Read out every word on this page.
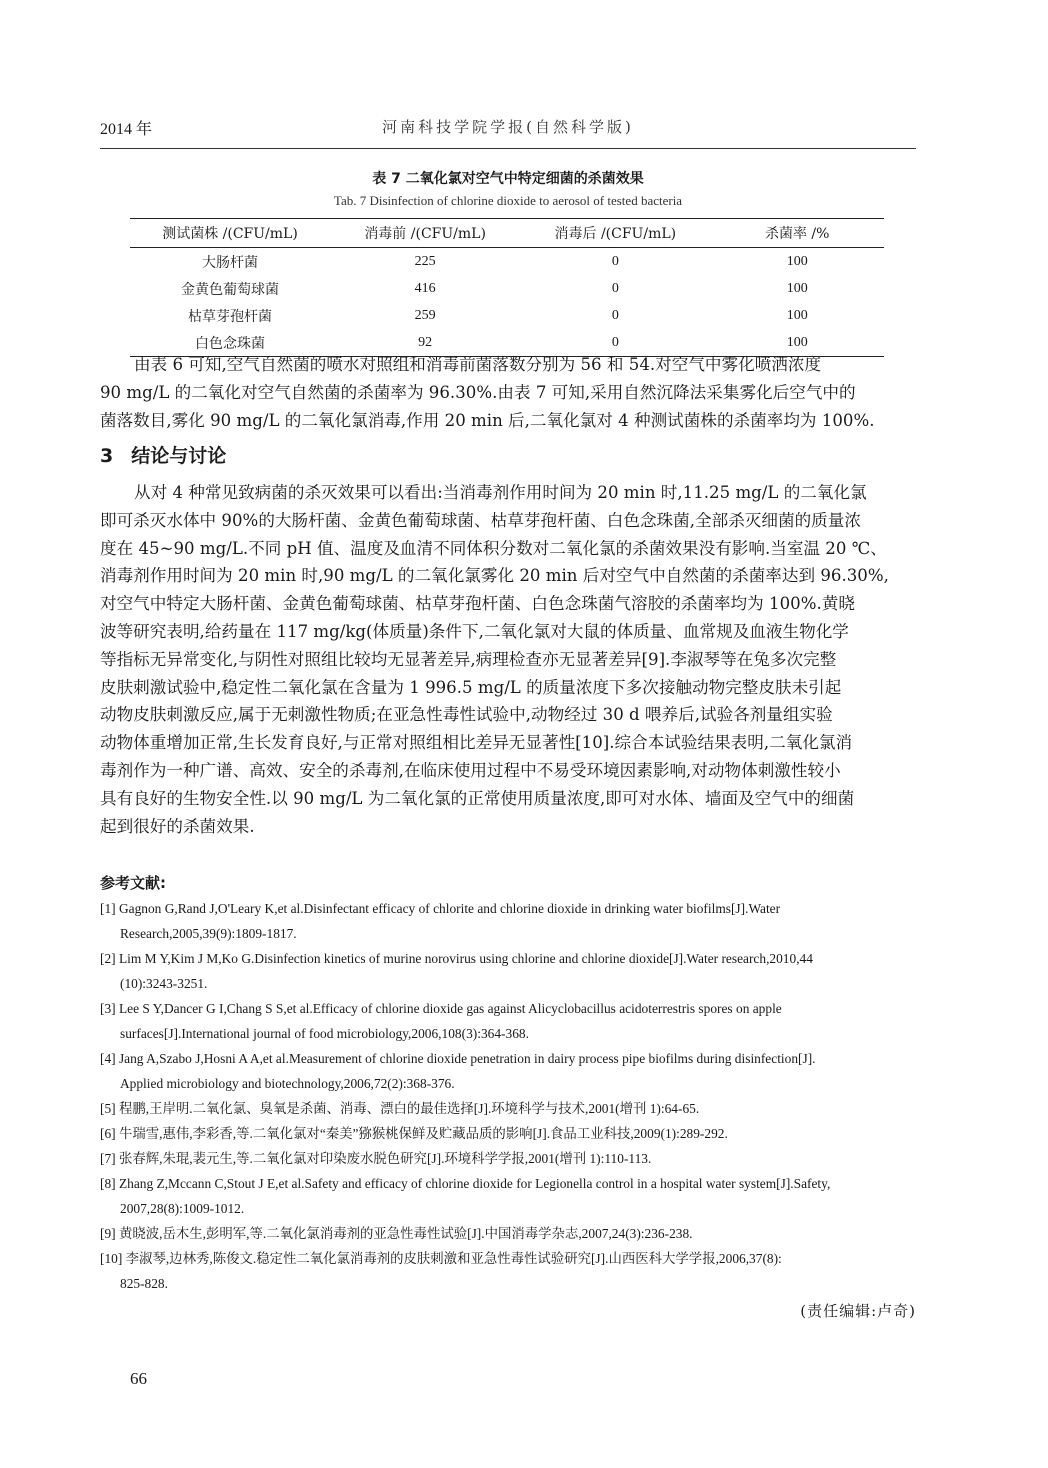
2014 年	河南科技学院学报(自然科学版)
表 7 二氧化氯对空气中特定细菌的杀菌效果
Tab. 7 Disinfection of chlorine dioxide to aerosol of tested bacteria
测试菌株 /(CFU/mL)	消毒前 /(CFU/mL)	消毒后 /(CFU/mL)	杀菌率 /%
大肠杆菌	225	0	100
金黄色葡萄球菌	416	0	100
枯草芽孢杆菌	259	0	100
白色念珠菌	92	0	100
由表 6 可知,空气自然菌的喷水对照组和消毒前菌落数分别为 56 和 54.对空气中雾化喷洒浓度
90 mg/L 的二氧化对空气自然菌的杀菌率为 96.30%.由表 7 可知,采用自然沉降法采集雾化后空气中的
菌落数目,雾化 90 mg/L 的二氧化氯消毒,作用 20 min 后,二氧化氯对 4 种测试菌株的杀菌率均为 100%.
3 结论与讨论
从对 4 种常见致病菌的杀灭效果可以看出:当消毒剂作用时间为 20 min 时,11.25 mg/L 的二氧化氯
即可杀灭水体中 90%的大肠杆菌、金黄色葡萄球菌、枯草芽孢杆菌、白色念珠菌,全部杀灭细菌的质量浓
度在 45~90 mg/L.不同 pH 值、温度及血清不同体积分数对二氧化氯的杀菌效果没有影响.当室温 20 ℃、
消毒剂作用时间为 20 min 时,90 mg/L 的二氧化氯雾化 20 min 后对空气中自然菌的杀菌率达到 96.30%,
对空气中特定大肠杆菌、金黄色葡萄球菌、枯草芽孢杆菌、白色念珠菌气溶胶的杀菌率均为 100%.黄晓
波等研究表明,给药量在 117 mg/kg(体质量)条件下,二氧化氯对大鼠的体质量、血常规及血液生物化学
等指标无异常变化,与阴性对照组比较均无显著差异,病理检查亦无显著差异[9].李淑琴等在兔多次完整
皮肤刺激试验中,稳定性二氧化氯在含量为 1 996.5 mg/L 的质量浓度下多次接触动物完整皮肤未引起
动物皮肤刺激反应,属于无刺激性物质;在亚急性毒性试验中,动物经过 30 d 喂养后,试验各剂量组实验
动物体重增加正常,生长发育良好,与正常对照组相比差异无显著性[10].综合本试验结果表明,二氧化氯消
毒剂作为一种广谱、高效、安全的杀毒剂,在临床使用过程中不易受环境因素影响,对动物体刺激性较小
具有良好的生物安全性.以 90 mg/L 为二氧化氯的正常使用质量浓度,即可对水体、墙面及空气中的细菌
起到很好的杀菌效果.
参考文献:
[1] Gagnon G,Rand J,O'Leary K,et al.Disinfectant efficacy of chlorite and chlorine dioxide in drinking water biofilms[J].Water
Research,2005,39(9):1809-1817.
[2] Lim M Y,Kim J M,Ko G.Disinfection kinetics of murine norovirus using chlorine and chlorine dioxide[J].Water research,2010,44
(10):3243-3251.
[3] Lee S Y,Dancer G I,Chang S S,et al.Efficacy of chlorine dioxide gas against Alicyclobacillus acidoterrestris spores on apple
surfaces[J].International journal of food microbiology,2006,108(3):364-368.
[4] Jang A,Szabo J,Hosni A A,et al.Measurement of chlorine dioxide penetration in dairy process pipe biofilms during disinfection[J].
Applied microbiology and biotechnology,2006,72(2):368-376.
[5] 程鹏,王岸明.二氧化氯、臭氧是杀菌、消毒、漂白的最佳选择[J].环境科学与技术,2001(增刊 1):64-65.
[6] 牛瑞雪,惠伟,李彩香,等.二氧化氯对“秦美”猕猴桃保鲜及贮藏品质的影响[J].食品工业科技,2009(1):289-292.
[7] 张春辉,朱琨,裴元生,等.二氧化氯对印染废水脱色研究[J].环境科学学报,2001(增刊 1):110-113.
[8] Zhang Z,Mccann C,Stout J E,et al.Safety and efficacy of chlorine dioxide for Legionella control in a hospital water system[J].Safety,
2007,28(8):1009-1012.
[9] 黄晓波,岳木生,彭明军,等.二氧化氯消毒剂的亚急性毒性试验[J].中国消毒学杂志,2007,24(3):236-238.
[10] 李淑琴,边林秀,陈俊文.稳定性二氧化氯消毒剂的皮肤刺激和亚急性毒性试验研究[J].山西医科大学学报,2006,37(8):
825-828.
(责任编辑:卢奇)
66
